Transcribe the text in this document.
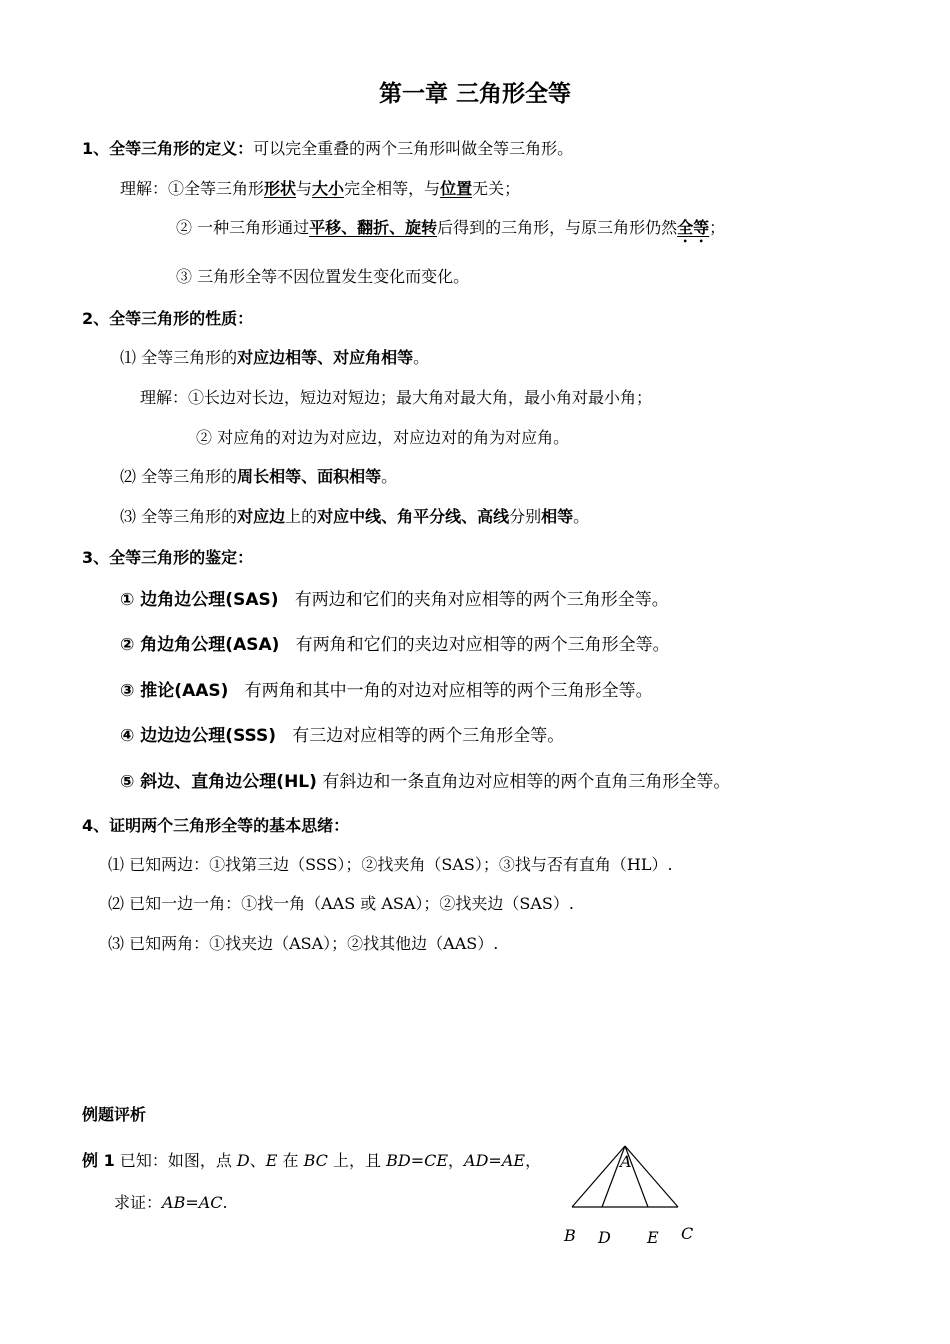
第一章 三角形全等
1、全等三角形的定义：可以完全重叠的两个三角形叫做全等三角形。
理解：①全等三角形形状与大小完全相等，与位置无关；
② 一种三角形通过平移、翻折、旋转后得到的三角形，与原三角形仍然全等；
③ 三角形全等不因位置发生变化而变化。
2、全等三角形的性质：
⑴ 全等三角形的对应边相等、对应角相等。
理解：①长边对长边，短边对短边；最大角对最大角，最小角对最小角；
② 对应角的对边为对应边，对应边对的角为对应角。
⑵ 全等三角形的周长相等、面积相等。
⑶ 全等三角形的对应边上的对应中线、角平分线、高线分别相等。
3、全等三角形的鉴定：
① 边角边公理(SAS) 有两边和它们的夹角对应相等的两个三角形全等。
② 角边角公理(ASA) 有两角和它们的夹边对应相等的两个三角形全等。
③ 推论(AAS) 有两角和其中一角的对边对应相等的两个三角形全等。
④ 边边边公理(SSS) 有三边对应相等的两个三角形全等。
⑤ 斜边、直角边公理(HL) 有斜边和一条直角边对应相等的两个直角三角形全等。
4、证明两个三角形全等的基本思绪：
⑴ 已知两边：①找第三边（SSS）；②找夹角（SAS）；③找与否有直角（HL）.
⑵ 已知一边一角：①找一角（AAS 或 ASA）；②找夹边（SAS）.
⑶ 已知两角：①找夹边（ASA）；②找其他边（AAS）.
例题评析
例 1 已知：如图，点 D、E 在 BC 上，且 BD=CE，AD=AE，
求证：AB=AC.
A
B D E C
